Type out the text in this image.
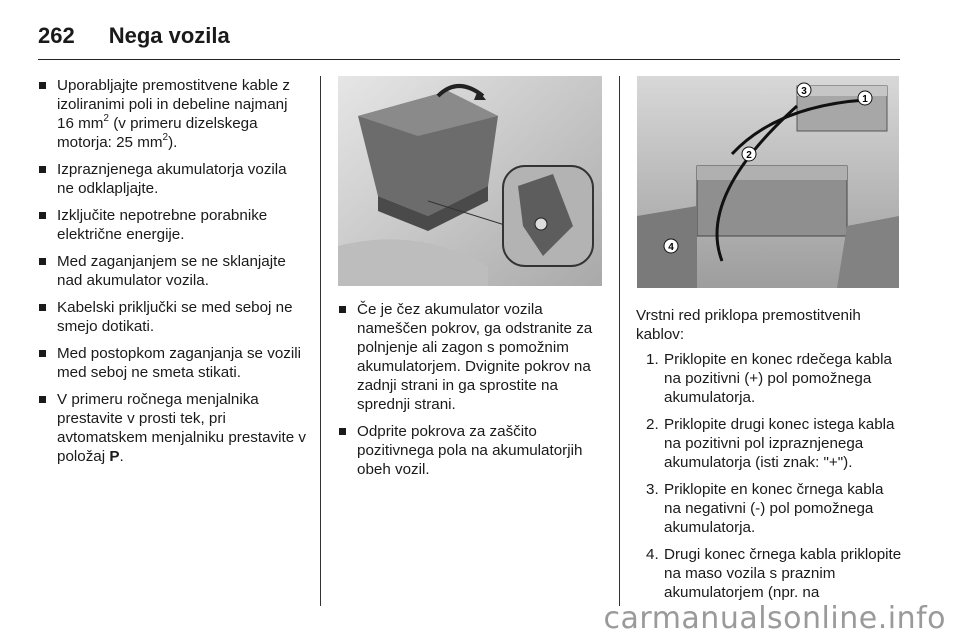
262 Nega vozila
Uporabljajte premostitvene kable z izoliranimi poli in debeline najmanj 16 $mm^2$ (v primeru dizelskega motorja: 25 $mm^2$).
Izpraznjenega akumulatorja vozila ne odklapljajte.
Izključite nepotrebne porabnike električne energije.
Med zaganjanjem se ne sklanjajte nad akumulator vozila.
Kabelski priključki se med seboj ne smejo dotikati.
Med postopkom zaganjanja se vozili med seboj ne smeta stikati.
V primeru ročnega menjalnika prestavite v prosti tek, pri avtomatskem menjalniku prestavite v položaj P.
Če je čez akumulator vozila nameščen pokrov, ga odstranite za polnjenje ali zagon s pomožnim akumulatorjem. Dvignite pokrov na zadnji strani in ga sprostite na sprednji strani.
Odprite pokrova za zaščito pozitivnega pola na akumulatorjih obeh vozil.
3
1
2
4

Vrstni red priklopa premostitvenih kablov:

1. Priklopite en konec rdečega kabla na pozitivni (+) pol pomožnega akumulatorja.
2. Priklopite drugi konec istega kabla na pozitivni pol izpraznjenega akumulatorja (isti znak: "+").
3. Priklopite en konec črnega kabla na negativni (-) pol pomožnega akumulatorja.
4. Drugi konec črnega kabla priklopite na maso vozila s praznim akumulatorjem (npr. na
carmanualsonline.info
